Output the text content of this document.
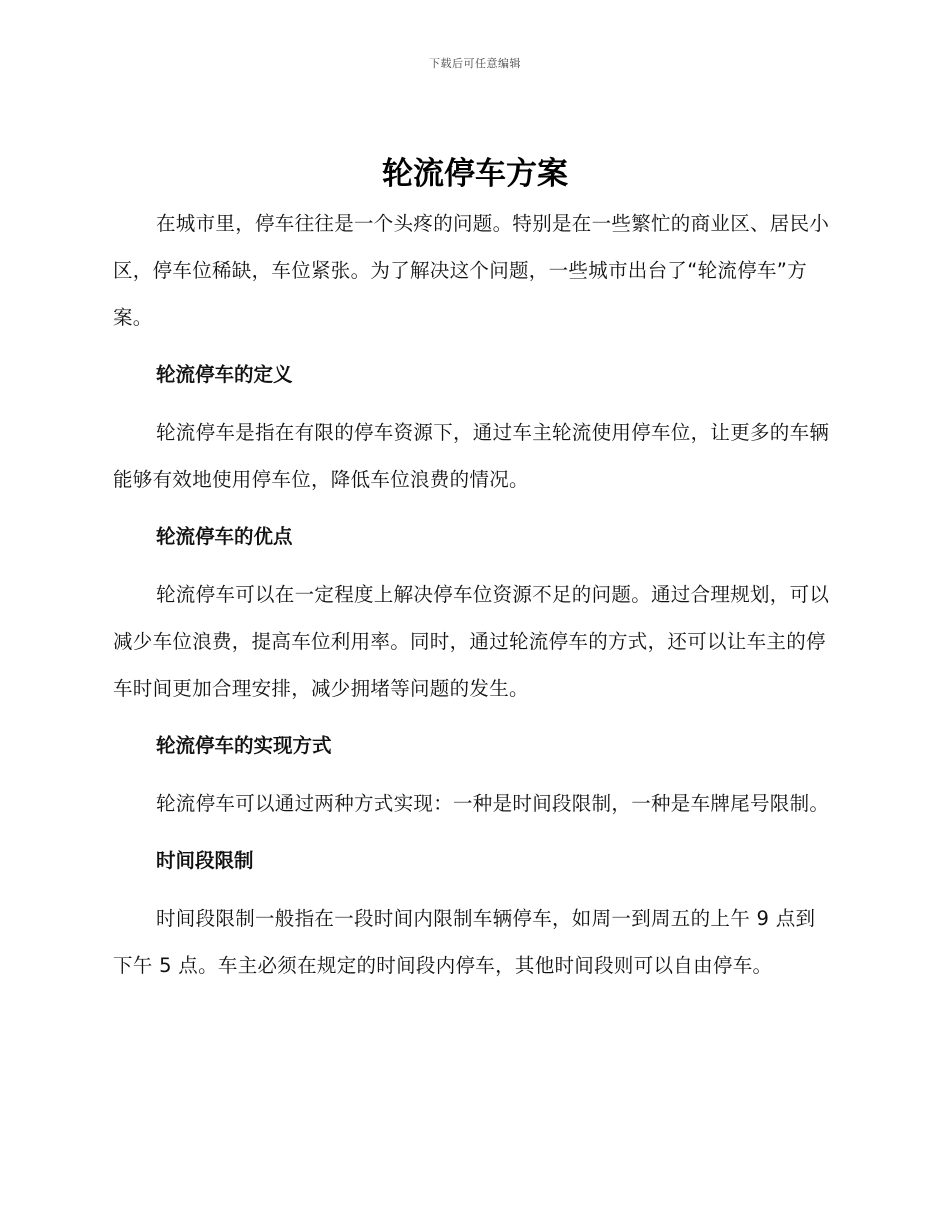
下载后可任意编辑
轮流停车方案

在城市里，停车往往是一个头疼的问题。特别是在一些繁忙的商业区、居民小区，停车位稀缺，车位紧张。为了解决这个问题，一些城市出台了“轮流停车”方案。

轮流停车的定义

轮流停车是指在有限的停车资源下，通过车主轮流使用停车位，让更多的车辆能够有效地使用停车位，降低车位浪费的情况。

轮流停车的优点

轮流停车可以在一定程度上解决停车位资源不足的问题。通过合理规划，可以减少车位浪费，提高车位利用率。同时，通过轮流停车的方式，还可以让车主的停车时间更加合理安排，减少拥堵等问题的发生。

轮流停车的实现方式

轮流停车可以通过两种方式实现：一种是时间段限制，一种是车牌尾号限制。

时间段限制

时间段限制一般指在一段时间内限制车辆停车，如周一到周五的上午 9 点到下午 5 点。车主必须在规定的时间段内停车，其他时间段则可以自由停车。
